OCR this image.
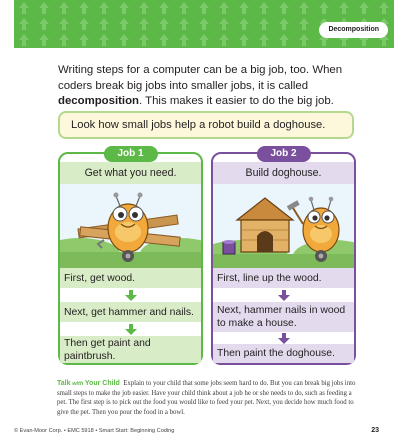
Decomposition

Writing steps for a computer can be a big job, too. When coders break big jobs into smaller jobs, it is called decomposition. This makes it easier to do the big job.

Look how small jobs help a robot build a doghouse.
Job 1
Get what you need.
First, get wood.
Next, get hammer and nails.
Then get paint and paintbrush.
Job 2
Build doghouse.
First, line up the wood.
Next, hammer nails in wood to make a house.
Then paint the doghouse.

Talk with Your Child Explain to your child that some jobs seem hard to do. But you can break big jobs into small steps to make the job easier. Have your child think about a job he or she needs to do, such as feeding a pet. The first step is to pick out the food you would like to feed your pet. Next, you decide how much food to give the pet. Then you pour the food in a bowl.

© Evan-Moor Corp. • EMC 5918 • Smart Start: Beginning Coding	23
